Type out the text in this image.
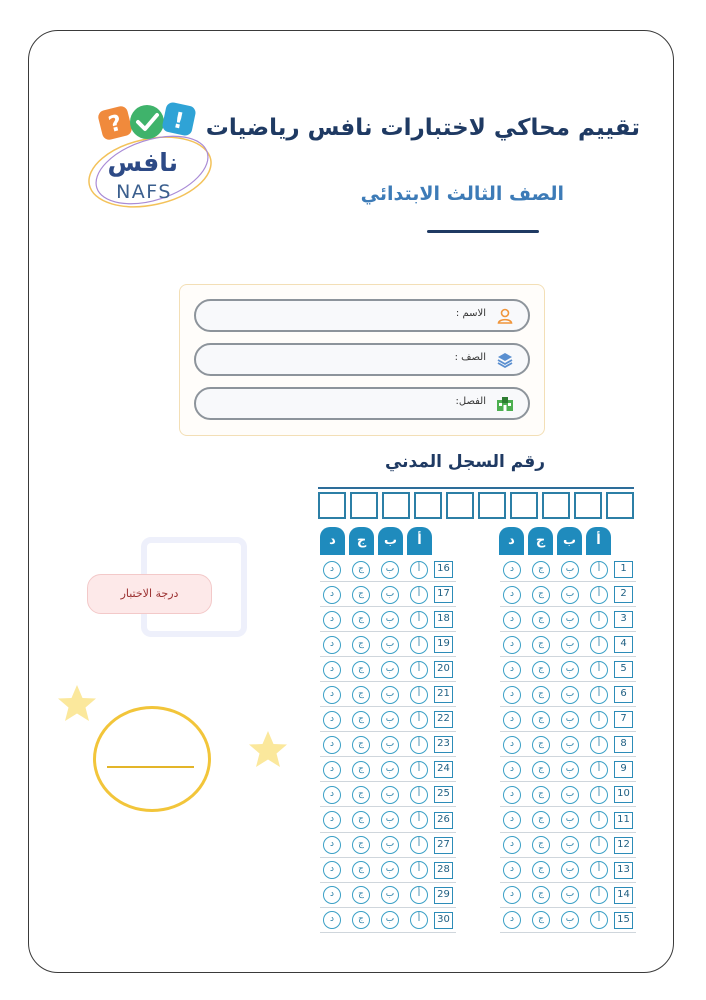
? !
نافس
NAFS
تقييم محاكي لاختبارات نافس رياضيات
الصف الثالث الابتدائي
الاسم :
الصف :
الفصل:
رقم السجل المدني
أ
ب
ج
د
أ
ب
ج
د
1
أ
ب
ج
د
2
أ
ب
ج
د
3
أ
ب
ج
د
4
أ
ب
ج
د
5
أ
ب
ج
د
6
أ
ب
ج
د
7
أ
ب
ج
د
8
أ
ب
ج
د
9
أ
ب
ج
د
10
أ
ب
ج
د
11
أ
ب
ج
د
12
أ
ب
ج
د
13
أ
ب
ج
د
14
أ
ب
ج
د
15
أ
ب
ج
د
16
أ
ب
ج
د
17
أ
ب
ج
د
18
أ
ب
ج
د
19
أ
ب
ج
د
20
أ
ب
ج
د
21
أ
ب
ج
د
22
أ
ب
ج
د
23
أ
ب
ج
د
24
أ
ب
ج
د
25
أ
ب
ج
د
26
أ
ب
ج
د
27
أ
ب
ج
د
28
أ
ب
ج
د
29
أ
ب
ج
د
30
أ
ب
ج
د
درجة الاختبار
